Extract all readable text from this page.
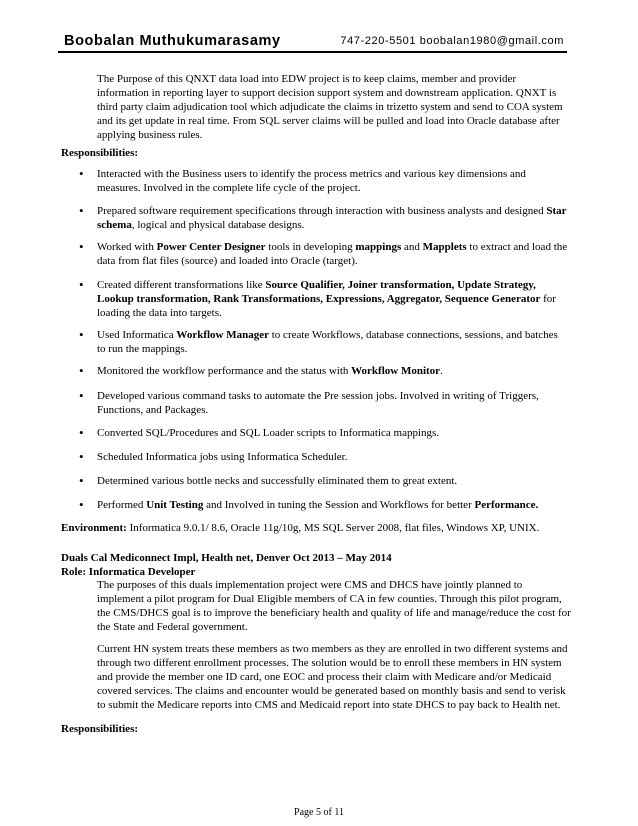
Boobalan Muthukumarasamy	747-220-5501 boobalan1980@gmail.com

The Purpose of this QNXT data load into EDW project is to keep claims, member and provider information in reporting layer to support decision support system and downstream application. QNXT is third party claim adjudication tool which adjudicate the claims in trizetto system and send to COA system and its get update in real time. From SQL server claims will be pulled and load into Oracle database after applying business rules.

Responsibilities:

• Interacted with the Business users to identify the process metrics and various key dimensions and measures. Involved in the complete life cycle of the project.

• Prepared software requirement specifications through interaction with business analysts and designed Star schema, logical and physical database designs.

• Worked with Power Center Designer tools in developing mappings and Mapplets to extract and load the data from flat files (source) and loaded into Oracle (target).

• Created different transformations like Source Qualifier, Joiner transformation, Update Strategy, Lookup transformation, Rank Transformations, Expressions, Aggregator, Sequence Generator for loading the data into targets.

• Used Informatica Workflow Manager to create Workflows, database connections, sessions, and batches to run the mappings.

• Monitored the workflow performance and the status with Workflow Monitor.

• Developed various command tasks to automate the Pre session jobs. Involved in writing of Triggers, Functions, and Packages.

• Converted SQL/Procedures and SQL Loader scripts to Informatica mappings.

• Scheduled Informatica jobs using Informatica Scheduler.

• Determined various bottle necks and successfully eliminated them to great extent.

• Performed Unit Testing and Involved in tuning the Session and Workflows for better Performance.

Environment: Informatica 9.0.1/ 8.6, Oracle 11g/10g, MS SQL Server 2008, flat files, Windows XP, UNIX.

Duals Cal Mediconnect Impl, Health net, Denver Oct 2013 – May 2014

Role: Informatica Developer

The purposes of this duals implementation project were CMS and DHCS have jointly planned to implement a pilot program for Dual Eligible members of CA in few counties. Through this pilot program, the CMS/DHCS goal is to improve the beneficiary health and quality of life and manage/reduce the cost for the State and Federal government.

Current HN system treats these members as two members as they are enrolled in two different systems and through two different enrollment processes. The solution would be to enroll these members in HN system and provide the member one ID card, one EOC and process their claim with Medicare and/or Medicaid covered services. The claims and encounter would be generated based on monthly basis and send to verisk to submit the Medicare reports into CMS and Medicaid report into state DHCS to pay back to Health net.

Responsibilities:

Page 5 of 11
